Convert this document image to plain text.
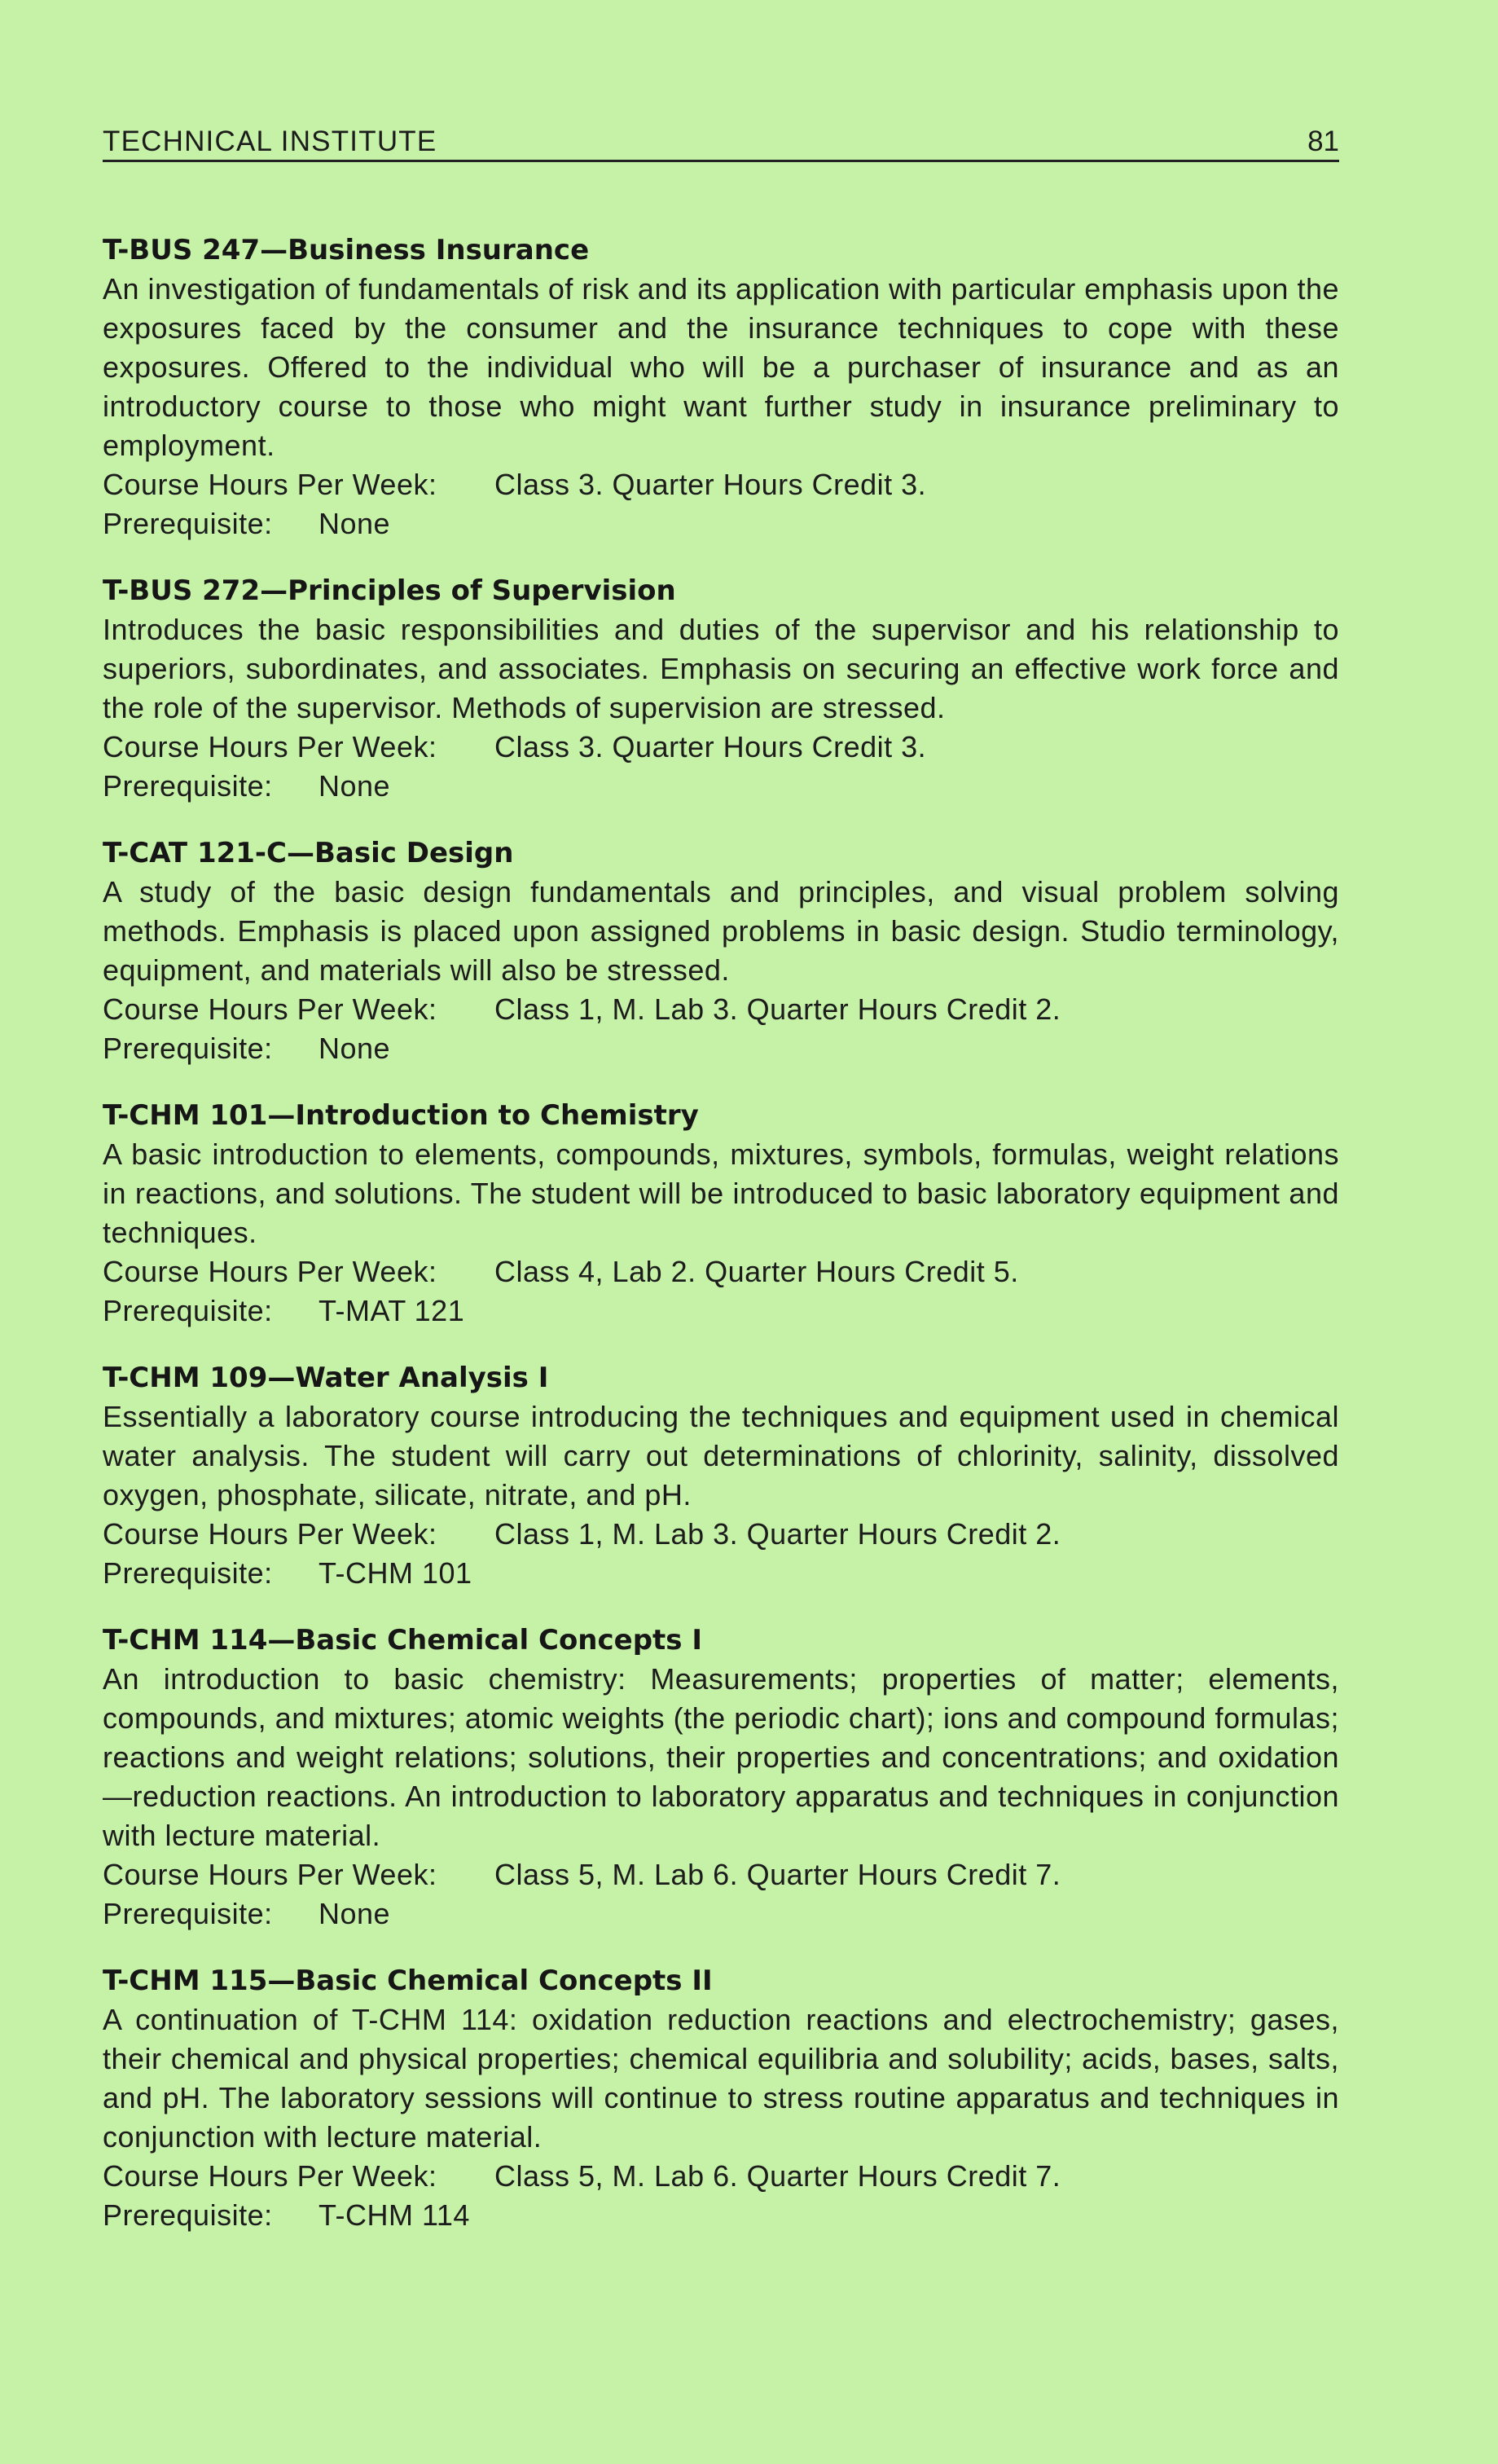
TECHNICAL INSTITUTE	81
T-BUS 247—Business Insurance

An investigation of fundamentals of risk and its application with particular emphasis upon the exposures faced by the consumer and the insurance techniques to cope with these exposures. Offered to the individual who will be a purchaser of insurance and as an introductory course to those who might want further study in insurance preliminary to employment.

Course Hours Per Week: Class 3. Quarter Hours Credit 3.
Prerequisite: None
T-BUS 272—Principles of Supervision

Introduces the basic responsibilities and duties of the supervisor and his relationship to superiors, subordinates, and associates. Emphasis on securing an effective work force and the role of the supervisor. Methods of supervision are stressed.

Course Hours Per Week: Class 3. Quarter Hours Credit 3.
Prerequisite: None
T-CAT 121-C—Basic Design

A study of the basic design fundamentals and principles, and visual problem solving methods. Emphasis is placed upon assigned problems in basic design. Studio terminology, equipment, and materials will also be stressed.

Course Hours Per Week: Class 1, M. Lab 3. Quarter Hours Credit 2.
Prerequisite: None
T-CHM 101—Introduction to Chemistry

A basic introduction to elements, compounds, mixtures, symbols, formulas, weight relations in reactions, and solutions. The student will be introduced to basic laboratory equipment and techniques.

Course Hours Per Week: Class 4, Lab 2. Quarter Hours Credit 5.
Prerequisite: T-MAT 121
T-CHM 109—Water Analysis I

Essentially a laboratory course introducing the techniques and equipment used in chemical water analysis. The student will carry out determinations of chlorinity, salinity, dissolved oxygen, phosphate, silicate, nitrate, and pH.

Course Hours Per Week: Class 1, M. Lab 3. Quarter Hours Credit 2.
Prerequisite: T-CHM 101
T-CHM 114—Basic Chemical Concepts I

An introduction to basic chemistry: Measurements; properties of matter; elements, compounds, and mixtures; atomic weights (the periodic chart); ions and compound formulas; reactions and weight relations; solutions, their properties and concentrations; and oxidation—reduction reactions. An introduction to laboratory apparatus and techniques in conjunction with lecture material.

Course Hours Per Week: Class 5, M. Lab 6. Quarter Hours Credit 7.
Prerequisite: None
T-CHM 115—Basic Chemical Concepts II

A continuation of T-CHM 114: oxidation reduction reactions and electrochemistry; gases, their chemical and physical properties; chemical equilibria and solubility; acids, bases, salts, and pH. The laboratory sessions will continue to stress routine apparatus and techniques in conjunction with lecture material.

Course Hours Per Week: Class 5, M. Lab 6. Quarter Hours Credit 7.
Prerequisite: T-CHM 114
